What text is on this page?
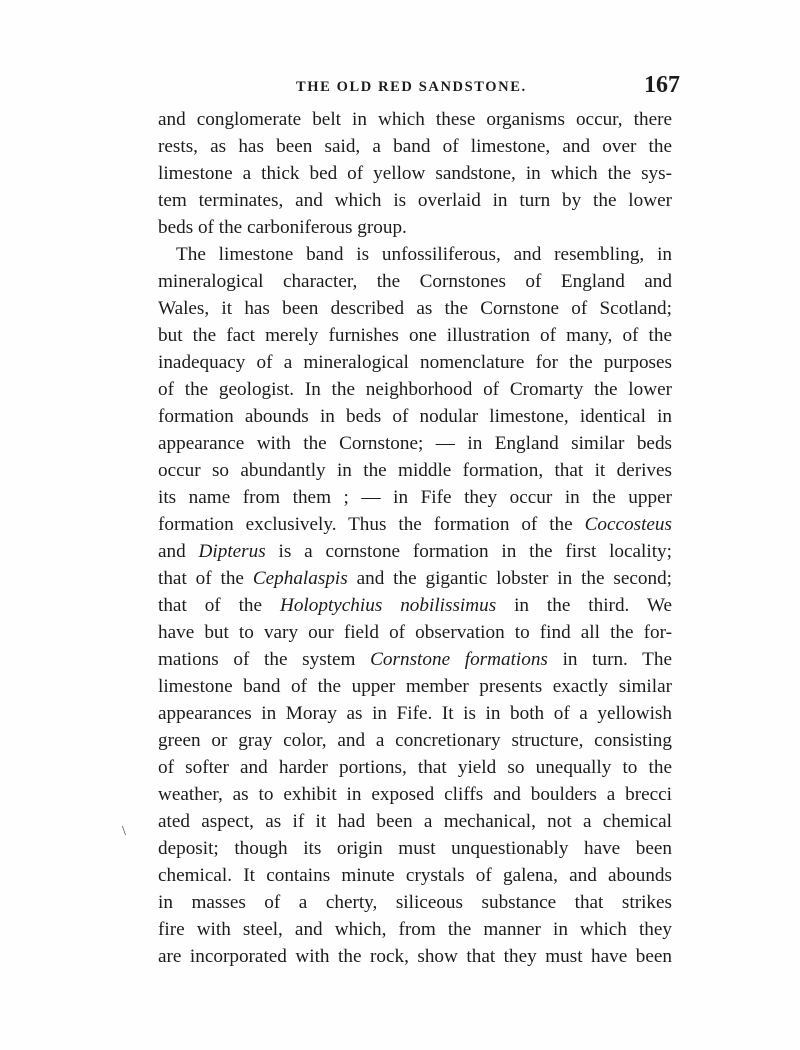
THE OLD RED SANDSTONE.	167
and conglomerate belt in which these organisms occur, there
rests, as has been said, a band of limestone, and over the
limestone a thick bed of yellow sandstone, in which the sys-
tem terminates, and which is overlaid in turn by the lower
beds of the carboniferous group.
The limestone band is unfossiliferous, and resembling, in
mineralogical character, the Cornstones of England and
Wales, it has been described as the Cornstone of Scotland;
but the fact merely furnishes one illustration of many, of the
inadequacy of a mineralogical nomenclature for the purposes
of the geologist. In the neighborhood of Cromarty the lower
formation abounds in beds of nodular limestone, identical in
appearance with the Cornstone; — in England similar beds
occur so abundantly in the middle formation, that it derives
its name from them ; — in Fife they occur in the upper
formation exclusively. Thus the formation of the Coccosteus
and Dipterus is a cornstone formation in the first locality;
that of the Cephalaspis and the gigantic lobster in the second;
that of the Holoptychius nobilissimus in the third. We
have but to vary our field of observation to find all the for-
mations of the system Cornstone formations in turn. The
limestone band of the upper member presents exactly similar
appearances in Moray as in Fife. It is in both of a yellowish
green or gray color, and a concretionary structure, consisting
of softer and harder portions, that yield so unequally to the
weather, as to exhibit in exposed cliffs and boulders a brecci
ated aspect, as if it had been a mechanical, not a chemical
deposit; though its origin must unquestionably have been
chemical. It contains minute crystals of galena, and abounds
in masses of a cherty, siliceous substance that strikes
fire with steel, and which, from the manner in which they
are incorporated with the rock, show that they must have been
\
